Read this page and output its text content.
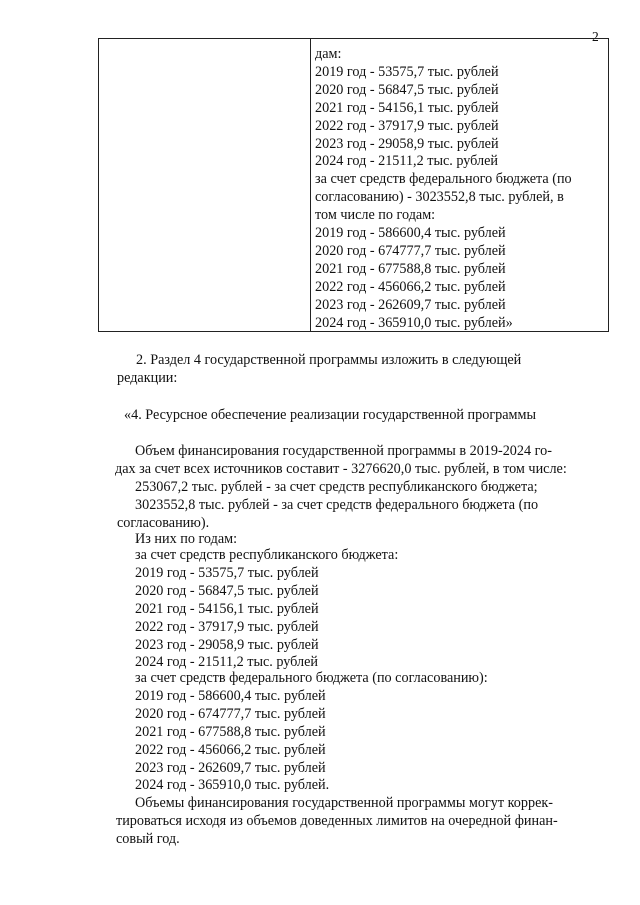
2
дам:
2019 год - 53575,7 тыс. рублей
2020 год - 56847,5 тыс. рублей
2021 год - 54156,1 тыс. рублей
2022 год - 37917,9 тыс. рублей
2023 год - 29058,9 тыс. рублей
2024 год - 21511,2 тыс. рублей
за счет средств федерального бюджета (по
согласованию) - 3023552,8 тыс. рублей, в
том числе по годам:
2019 год - 586600,4 тыс. рублей
2020 год - 674777,7 тыс. рублей
2021 год - 677588,8 тыс. рублей
2022 год - 456066,2 тыс. рублей
2023 год - 262609,7 тыс. рублей
2024 год - 365910,0 тыс. рублей»
2. Раздел 4 государственной программы изложить в следующей
редакции:
«4. Ресурсное обеспечение реализации государственной программы
Объем финансирования государственной программы в 2019-2024 го-
дах за счет всех источников составит - 3276620,0 тыс. рублей, в том числе:
253067,2 тыс. рублей - за счет средств республиканского бюджета;
3023552,8 тыс. рублей - за счет средств федерального бюджета (по
согласованию).
Из них по годам:
за счет средств республиканского бюджета:
2019 год - 53575,7 тыс. рублей
2020 год - 56847,5 тыс. рублей
2021 год - 54156,1 тыс. рублей
2022 год - 37917,9 тыс. рублей
2023 год - 29058,9 тыс. рублей
2024 год - 21511,2 тыс. рублей
за счет средств федерального бюджета (по согласованию):
2019 год - 586600,4 тыс. рублей
2020 год - 674777,7 тыс. рублей
2021 год - 677588,8 тыс. рублей
2022 год - 456066,2 тыс. рублей
2023 год - 262609,7 тыс. рублей
2024 год - 365910,0 тыс. рублей.
Объемы финансирования государственной программы могут коррек-
тироваться исходя из объемов доведенных лимитов на очередной финан-
совый год.
